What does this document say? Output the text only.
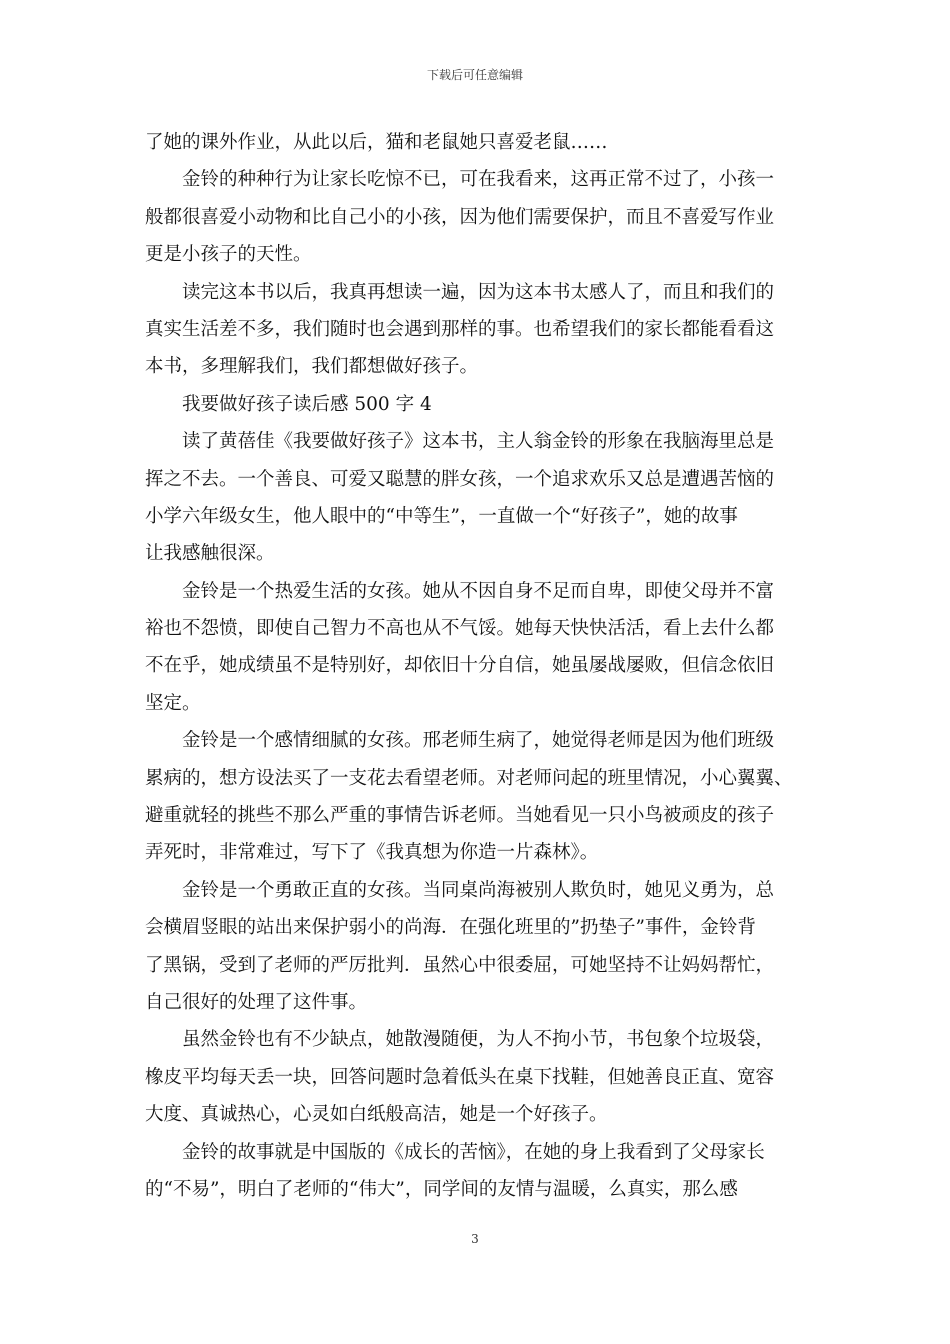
下载后可任意编辑
了她的课外作业，从此以后，猫和老鼠她只喜爱老鼠……
金铃的种种行为让家长吃惊不已，可在我看来，这再正常不过了，小孩一
般都很喜爱小动物和比自己小的小孩，因为他们需要保护，而且不喜爱写作业
更是小孩子的天性。
读完这本书以后，我真再想读一遍，因为这本书太感人了，而且和我们的
真实生活差不多，我们随时也会遇到那样的事。也希望我们的家长都能看看这
本书，多理解我们，我们都想做好孩子。
我要做好孩子读后感 500 字 4
读了黄蓓佳《我要做好孩子》这本书，主人翁金铃的形象在我脑海里总是
挥之不去。一个善良、可爱又聪慧的胖女孩，一个追求欢乐又总是遭遇苦恼的
小学六年级女生，他人眼中的“中等生”，一直做一个“好孩子”，她的故事
让我感触很深。
金铃是一个热爱生活的女孩。她从不因自身不足而自卑，即使父母并不富
裕也不怨愤，即使自己智力不高也从不气馁。她每天快快活活，看上去什么都
不在乎，她成绩虽不是特别好，却依旧十分自信，她虽屡战屡败，但信念依旧
坚定。
金铃是一个感情细腻的女孩。邢老师生病了，她觉得老师是因为他们班级
累病的，想方设法买了一支花去看望老师。对老师问起的班里情况，小心翼翼、
避重就轻的挑些不那么严重的事情告诉老师。当她看见一只小鸟被顽皮的孩子
弄死时，非常难过，写下了《我真想为你造一片森林》。
金铃是一个勇敢正直的女孩。当同桌尚海被别人欺负时，她见义勇为，总
会横眉竖眼的站出来保护弱小的尚海．在强化班里的”扔垫子”事件，金铃背
了黑锅，受到了老师的严厉批判．虽然心中很委屈，可她坚持不让妈妈帮忙，
自己很好的处理了这件事。
虽然金铃也有不少缺点，她散漫随便，为人不拘小节，书包象个垃圾袋，
橡皮平均每天丢一块，回答问题时急着低头在桌下找鞋，但她善良正直、宽容
大度、真诚热心，心灵如白纸般高洁，她是一个好孩子。
金铃的故事就是中国版的《成长的苦恼》，在她的身上我看到了父母家长
的“不易”，明白了老师的“伟大”，同学间的友情与温暖，么真实，那么感
3
